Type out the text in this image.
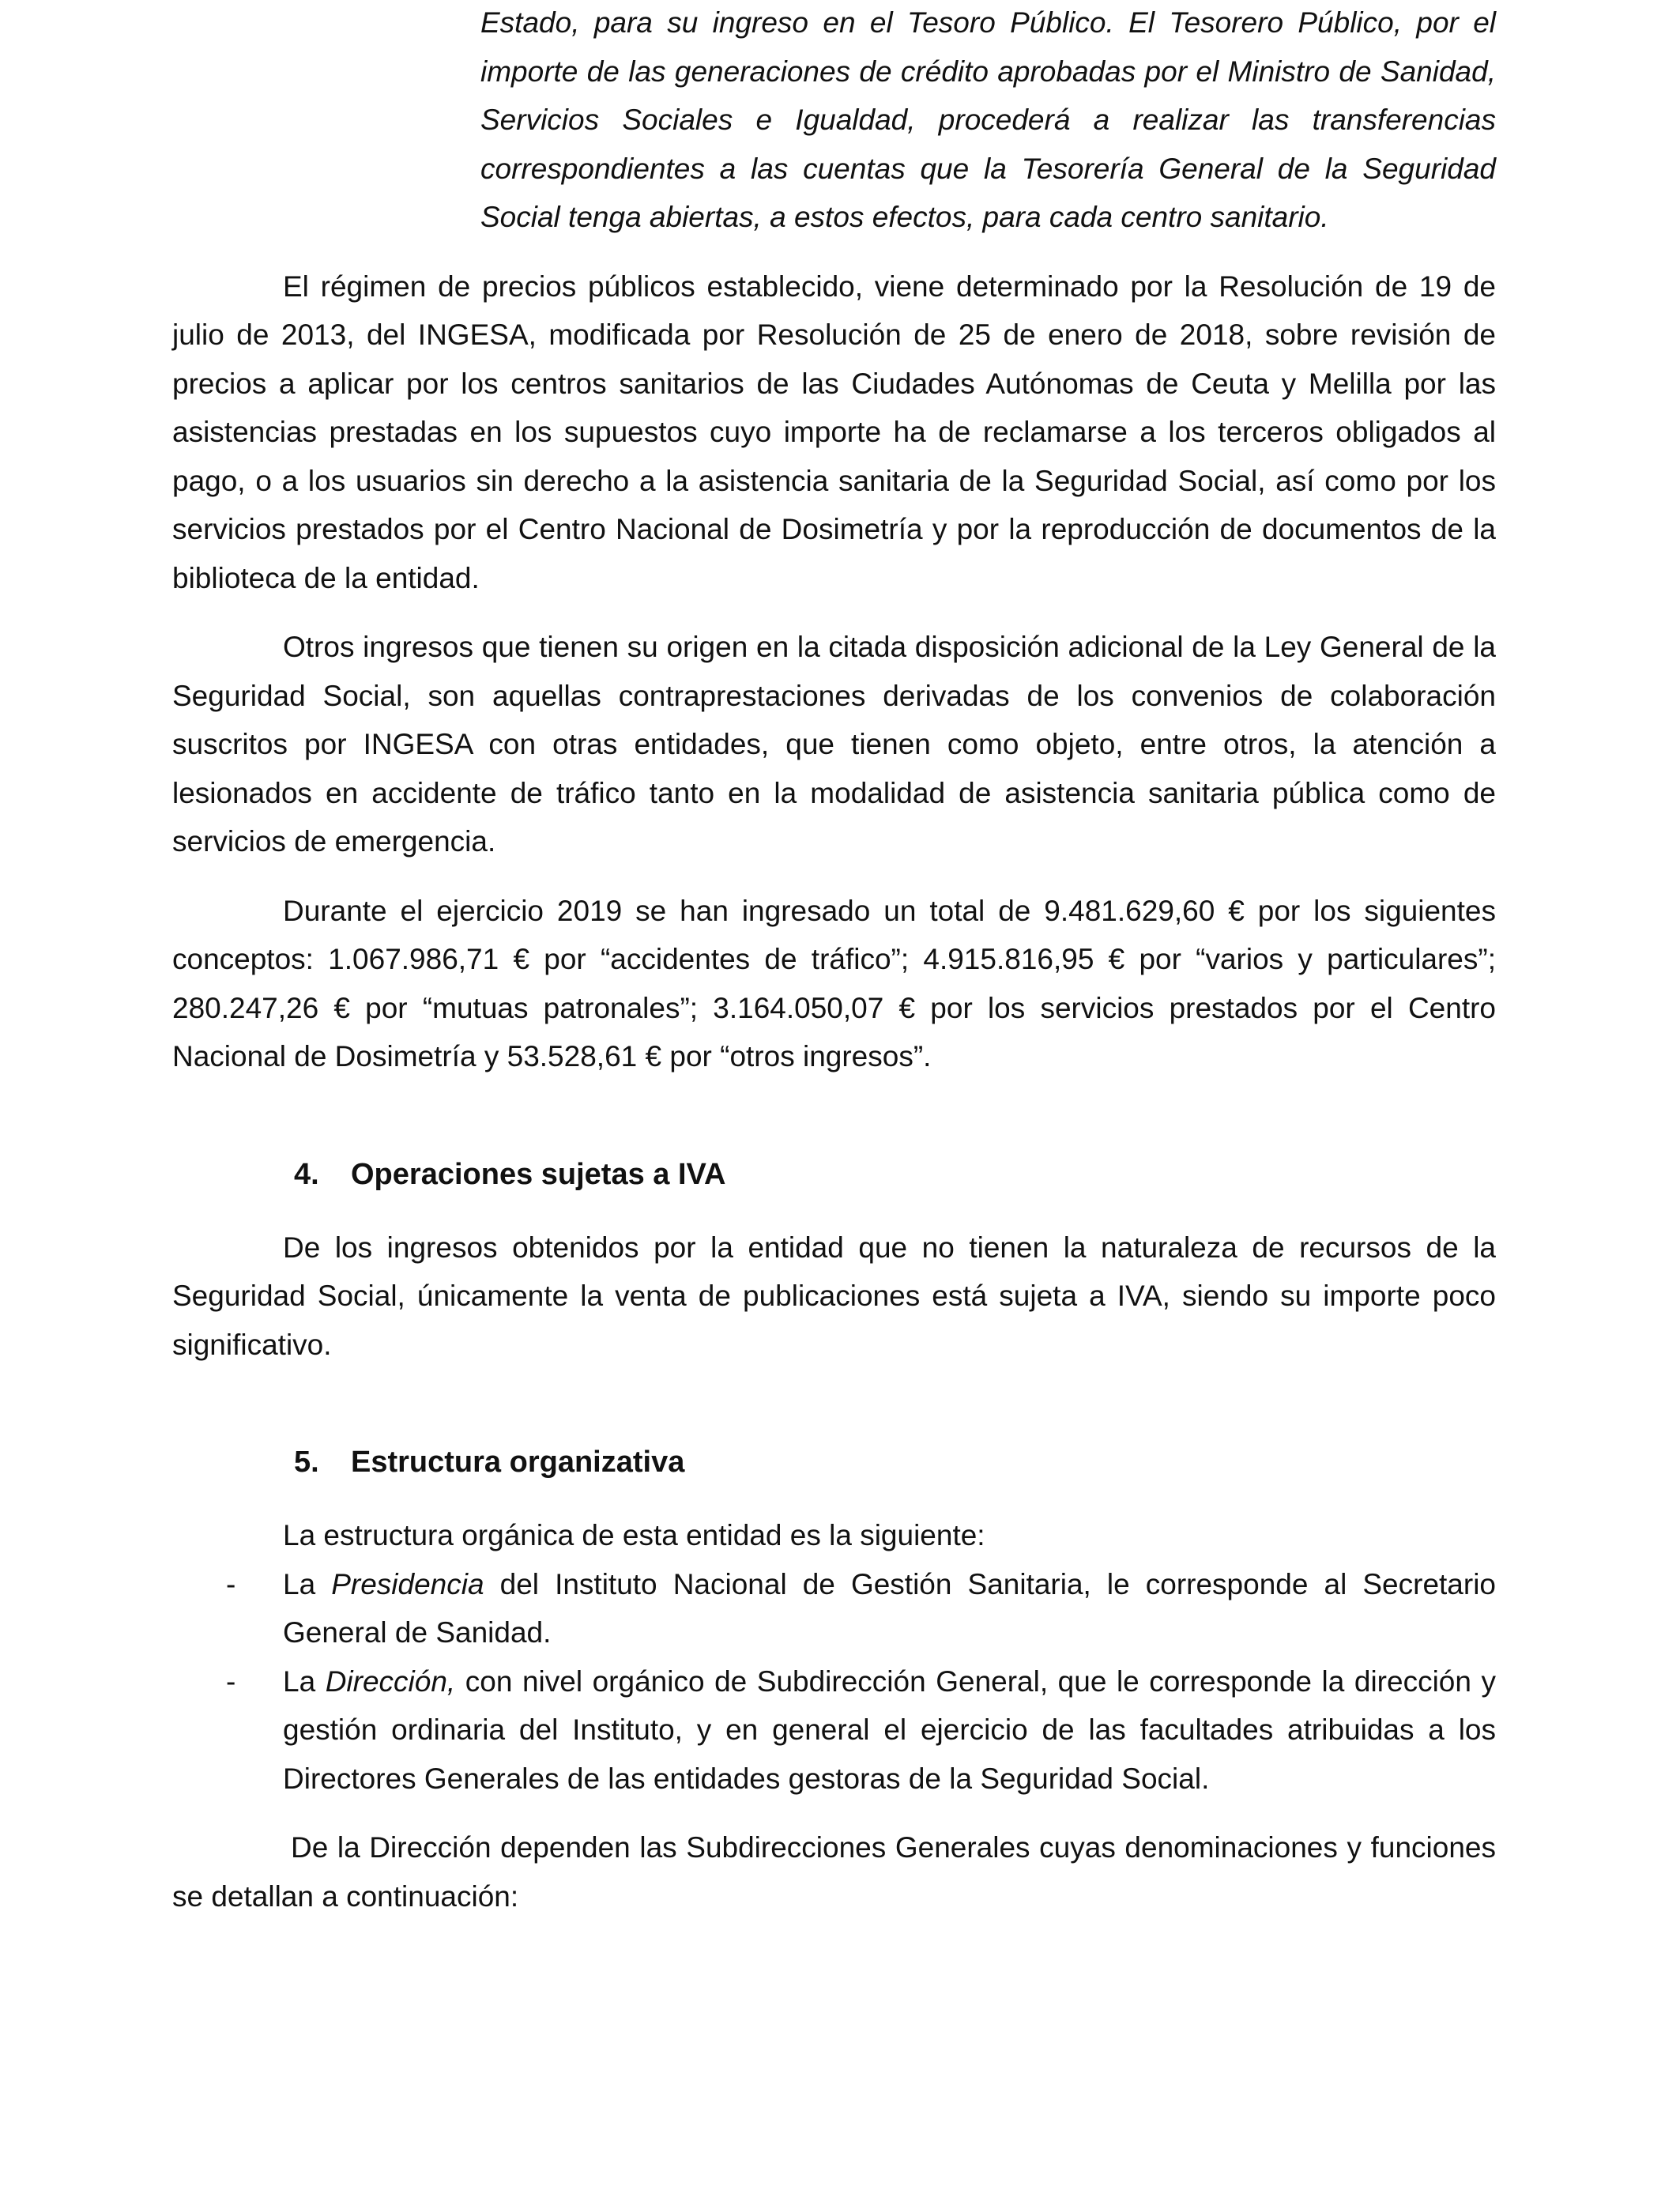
Estado, para su ingreso en el Tesoro Público. El Tesorero Público, por el importe de las generaciones de crédito aprobadas por el Ministro de Sanidad, Servicios Sociales e Igualdad, procederá a realizar las transferencias correspondientes a las cuentas que la Tesorería General de la Seguridad Social tenga abiertas, a estos efectos, para cada centro sanitario.

El régimen de precios públicos establecido, viene determinado por la Resolución de 19 de julio de 2013, del INGESA, modificada por Resolución de 25 de enero de 2018, sobre revisión de precios a aplicar por los centros sanitarios de las Ciudades Autónomas de Ceuta y Melilla por las asistencias prestadas en los supuestos cuyo importe ha de reclamarse a los terceros obligados al pago, o a los usuarios sin derecho a la asistencia sanitaria de la Seguridad Social, así como por los servicios prestados por el Centro Nacional de Dosimetría y por la reproducción de documentos de la biblioteca de la entidad.

Otros ingresos que tienen su origen en la citada disposición adicional de la Ley General de la Seguridad Social, son aquellas contraprestaciones derivadas de los convenios de colaboración suscritos por INGESA con otras entidades, que tienen como objeto, entre otros, la atención a lesionados en accidente de tráfico tanto en la modalidad de asistencia sanitaria pública como de servicios de emergencia.

Durante el ejercicio 2019 se han ingresado un total de 9.481.629,60 € por los siguientes conceptos: 1.067.986,71 € por “accidentes de tráfico”; 4.915.816,95 € por “varios y particulares”; 280.247,26 € por “mutuas patronales”; 3.164.050,07 € por los servicios prestados por el Centro Nacional de Dosimetría y 53.528,61 € por “otros ingresos”.

4. Operaciones sujetas a IVA

De los ingresos obtenidos por la entidad que no tienen la naturaleza de recursos de la Seguridad Social, únicamente la venta de publicaciones está sujeta a IVA, siendo su importe poco significativo.

5. Estructura organizativa

La estructura orgánica de esta entidad es la siguiente:

-	La Presidencia del Instituto Nacional de Gestión Sanitaria, le corresponde al Secretario General de Sanidad.

-	La Dirección, con nivel orgánico de Subdirección General, que le corresponde la dirección y gestión ordinaria del Instituto, y en general el ejercicio de las facultades atribuidas a los Directores Generales de las entidades gestoras de la Seguridad Social.

De la Dirección dependen las Subdirecciones Generales cuyas denominaciones y funciones se detallan a continuación:
